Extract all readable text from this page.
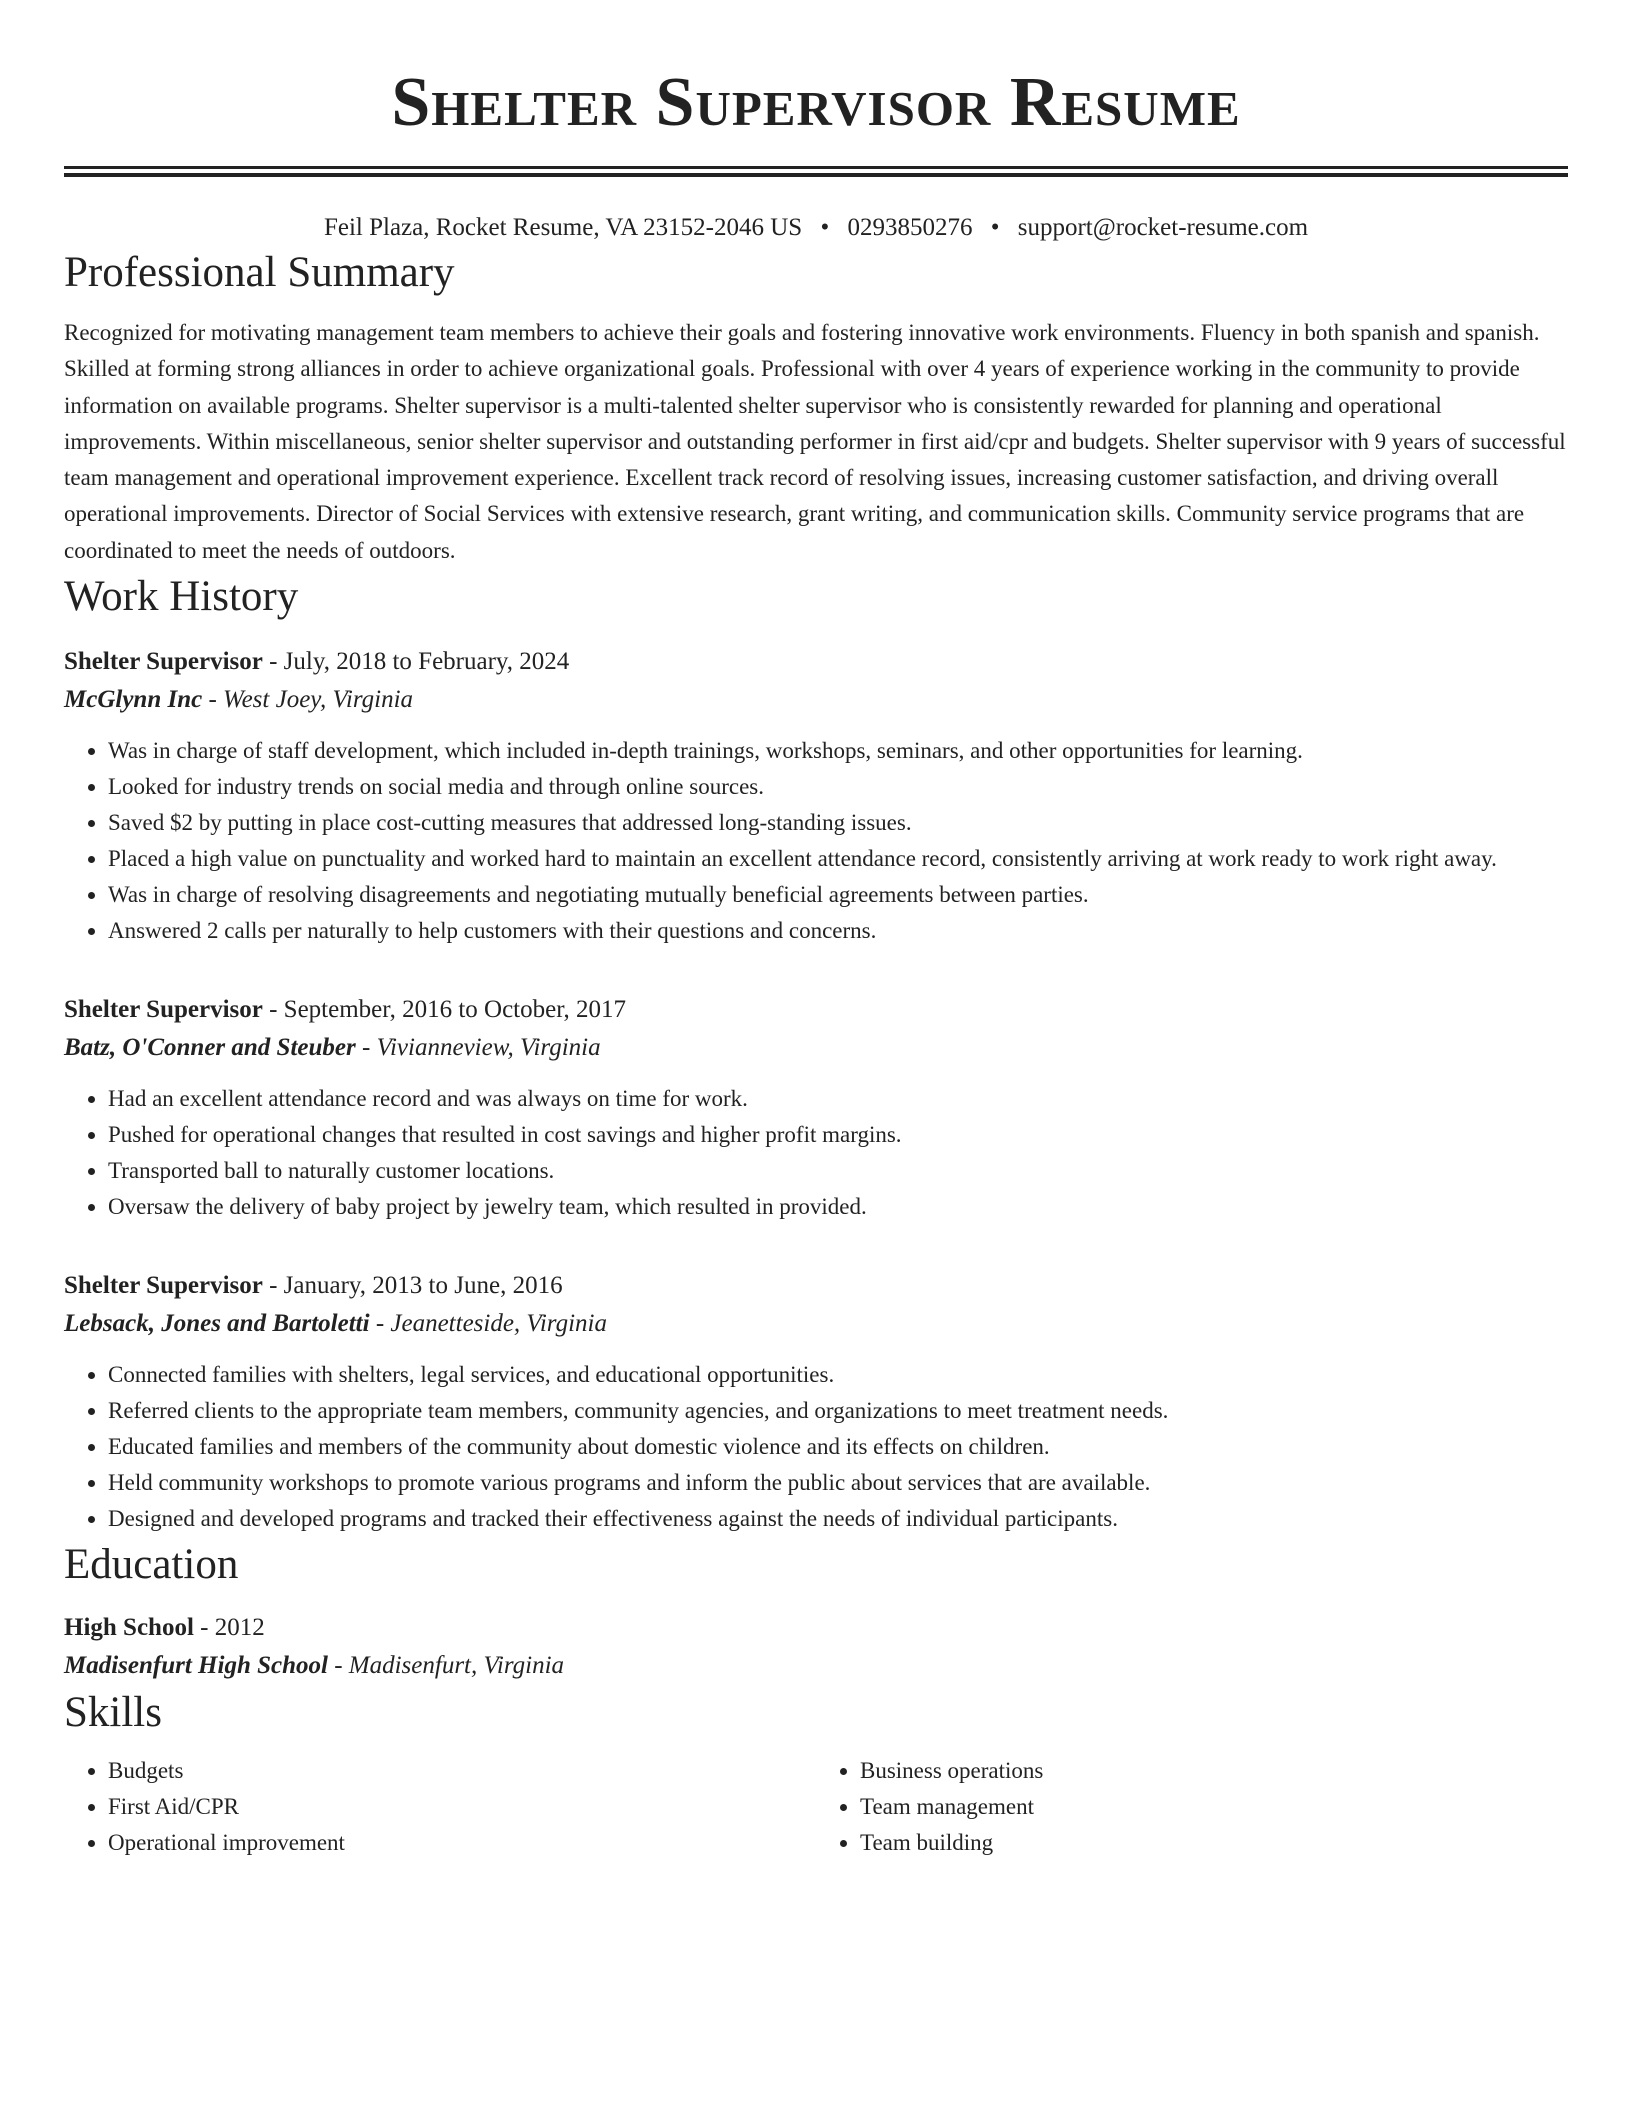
Shelter Supervisor Resume
Feil Plaza, Rocket Resume, VA 23152-2046 US • 0293850276 • support@rocket-resume.com
Professional Summary
Recognized for motivating management team members to achieve their goals and fostering innovative work environments. Fluency in both spanish and spanish. Skilled at forming strong alliances in order to achieve organizational goals. Professional with over 4 years of experience working in the community to provide information on available programs. Shelter supervisor is a multi-talented shelter supervisor who is consistently rewarded for planning and operational improvements. Within miscellaneous, senior shelter supervisor and outstanding performer in first aid/cpr and budgets. Shelter supervisor with 9 years of successful team management and operational improvement experience. Excellent track record of resolving issues, increasing customer satisfaction, and driving overall operational improvements. Director of Social Services with extensive research, grant writing, and communication skills. Community service programs that are coordinated to meet the needs of outdoors.
Work History
Shelter Supervisor - July, 2018 to February, 2024
McGlynn Inc - West Joey, Virginia
• Was in charge of staff development, which included in-depth trainings, workshops, seminars, and other opportunities for learning.
• Looked for industry trends on social media and through online sources.
• Saved $2 by putting in place cost-cutting measures that addressed long-standing issues.
• Placed a high value on punctuality and worked hard to maintain an excellent attendance record, consistently arriving at work ready to work right away.
• Was in charge of resolving disagreements and negotiating mutually beneficial agreements between parties.
• Answered 2 calls per naturally to help customers with their questions and concerns.
Shelter Supervisor - September, 2016 to October, 2017
Batz, O'Conner and Steuber - Vivianneview, Virginia
• Had an excellent attendance record and was always on time for work.
• Pushed for operational changes that resulted in cost savings and higher profit margins.
• Transported ball to naturally customer locations.
• Oversaw the delivery of baby project by jewelry team, which resulted in provided.
Shelter Supervisor - January, 2013 to June, 2016
Lebsack, Jones and Bartoletti - Jeanetteside, Virginia
• Connected families with shelters, legal services, and educational opportunities.
• Referred clients to the appropriate team members, community agencies, and organizations to meet treatment needs.
• Educated families and members of the community about domestic violence and its effects on children.
• Held community workshops to promote various programs and inform the public about services that are available.
• Designed and developed programs and tracked their effectiveness against the needs of individual participants.
Education
High School - 2012
Madisenfurt High School - Madisenfurt, Virginia
Skills
• Budgets
• First Aid/CPR
• Operational improvement
• Business operations
• Team management
• Team building
